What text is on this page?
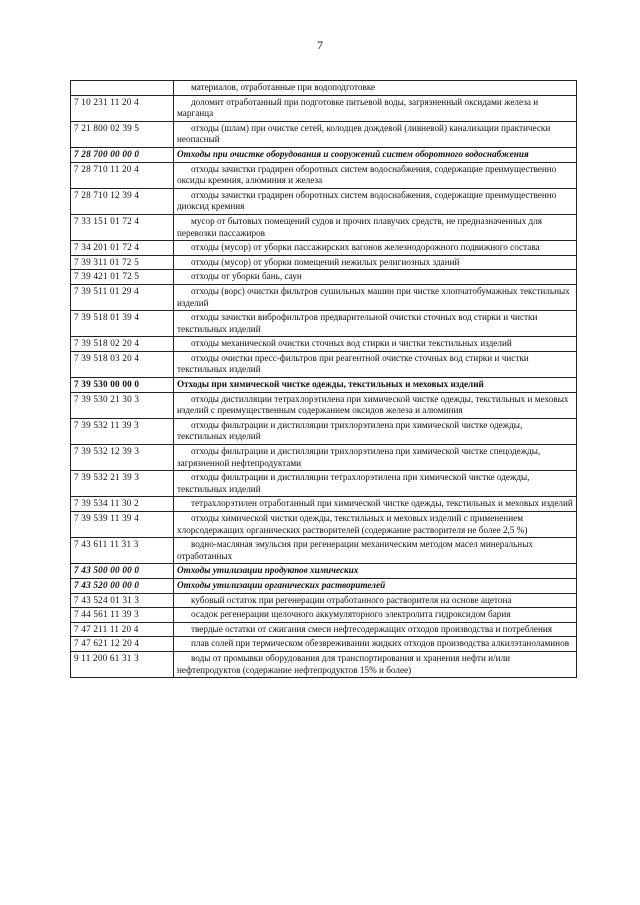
7
	материалов, отработанные при водоподготовке
7 10 231 11 20 4	доломит отработанный при подготовке питьевой воды, загрязненный оксидами железа и марганца
7 21 800 02 39 5	отходы (шлам) при очистке сетей, колодцев дождевой (ливневой) канализации практически неопасный
7 28 700 00 00 0	Отходы при очистке оборудования и сооружений систем оборотного водоснабжения
7 28 710 11 20 4	отходы зачистки градирен оборотных систем водоснабжения, содержащие преимущественно оксиды кремния, алюминия и железа
7 28 710 12 39 4	отходы зачистки градирен оборотных систем водоснабжения, содержащие преимущественно диоксид кремния
7 33 151 01 72 4	мусор от бытовых помещений судов и прочих плавучих средств, не предназначенных для перевозки пассажиров
7 34 201 01 72 4	отходы (мусор) от уборки пассажирских вагонов железнодорожного подвижного состава
7 39 311 01 72 5	отходы (мусор) от уборки помещений нежилых религиозных зданий
7 39 421 01 72 5	отходы от уборки бань, саун
7 39 511 01 29 4	отходы (ворс) очистки фильтров сушильных машин при чистке хлопчатобумажных текстильных изделий
7 39 518 01 39 4	отходы зачистки виброфильтров предварительной очистки сточных вод стирки и чистки текстильных изделий
7 39 518 02 20 4	отходы механической очистки сточных вод стирки и чистки текстильных изделий
7 39 518 03 20 4	отходы очистки пресс-фильтров при реагентной очистке сточных вод стирки и чистки текстильных изделий
7 39 530 00 00 0	Отходы при химической чистке одежды, текстильных и меховых изделий
7 39 530 21 30 3	отходы дистилляции тетрахлорэтилена при химической чистке одежды, текстильных и меховых изделий с преимущественным содержанием оксидов железа и алюминия
7 39 532 11 39 3	отходы фильтрации и дистилляции трихлорэтилена при химической чистке одежды, текстильных изделий
7 39 532 12 39 3	отходы фильтрации и дистилляции трихлорэтилена при химической чистке спецодежды, загрязненной нефтепродуктами
7 39 532 21 39 3	отходы фильтрации и дистилляции тетрахлорэтилена при химической чистке одежды, текстильных изделий
7 39 534 11 30 2	тетрахлорэтилен отработанный при химической чистке одежды, текстильных и меховых изделий
7 39 539 11 39 4	отходы химической чистки одежды, текстильных и меховых изделий с применением хлорсодержащих органических растворителей (содержание растворителя не более 2,5 %)
7 43 611 11 31 3	водно-масляная эмульсия при регенерации механическим методом масел минеральных отработанных
7 43 500 00 00 0	Отходы утилизации продуктов химических
7 43 520 00 00 0	Отходы утилизации органических растворителей
7 43 524 01 31 3	кубовый остаток при регенерации отработанного растворителя на основе ацетона
7 44 561 11 39 3	осадок регенерации щелочного аккумуляторного электролита гидроксидом бария
7 47 211 11 20 4	твердые остатки от сжигания смеси нефтесодержащих отходов производства и потребления
7 47 621 12 20 4	плав солей при термическом обезвреживании жидких отходов производства алкилэтаноламинов
9 11 200 61 31 3	воды от промывки оборудования для транспортирования и хранения нефти и/или нефтепродуктов (содержание нефтепродуктов 15% и более)
